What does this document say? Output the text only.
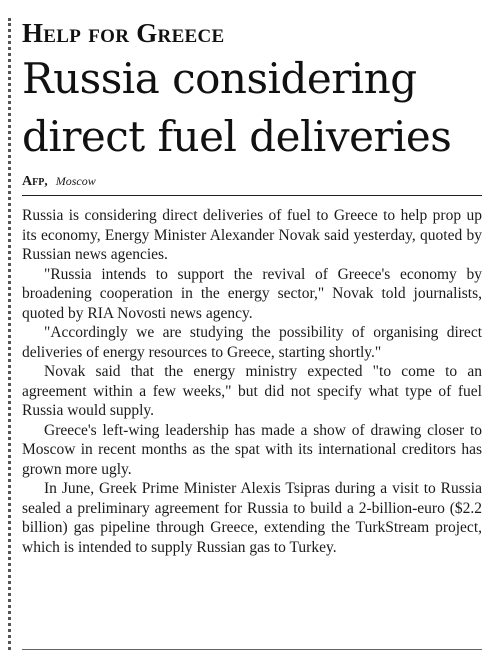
Help for Greece
Russia considering direct fuel deliveries
Afp, Moscow

Russia is considering direct deliveries of fuel to Greece to help prop up its economy, Energy Minister Alexander Novak said yesterday, quoted by Russian news agencies.

"Russia intends to support the revival of Greece's economy by broadening cooperation in the energy sector," Novak told journalists, quoted by RIA Novosti news agency.

"Accordingly we are studying the possibility of organising direct deliveries of energy resources to Greece, starting shortly."

Novak said that the energy ministry expected "to come to an agreement within a few weeks," but did not specify what type of fuel Russia would supply.

Greece's left-wing leadership has made a show of drawing closer to Moscow in recent months as the spat with its international creditors has grown more ugly.

In June, Greek Prime Minister Alexis Tsipras during a visit to Russia sealed a preliminary agreement for Russia to build a 2-billion-euro ($2.2 billion) gas pipeline through Greece, extending the TurkStream project, which is intended to supply Russian gas to Turkey.
